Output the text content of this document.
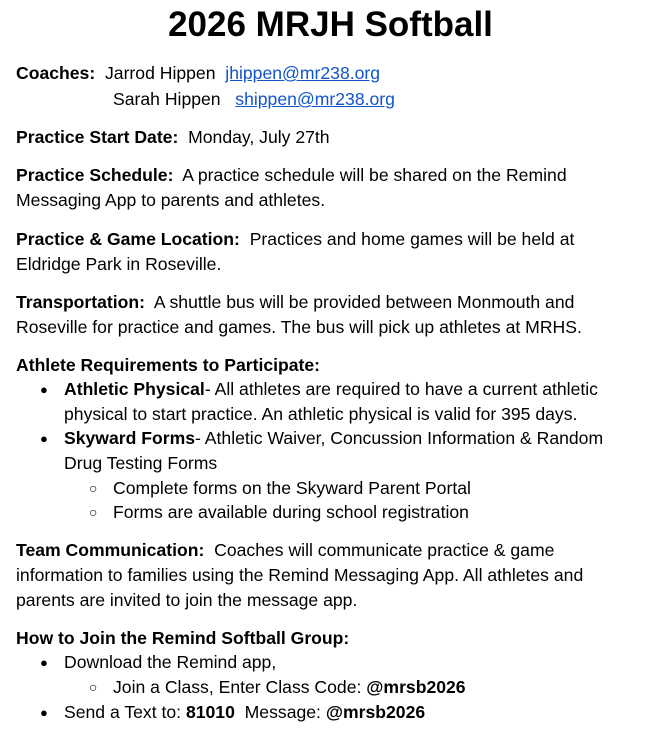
2026 MRJH Softball
Coaches: Jarrod Hippen jhippen@mr238.org
Sarah Hippen shippen@mr238.org
Practice Start Date: Monday, July 27th
Practice Schedule: A practice schedule will be shared on the Remind
Messaging App to parents and athletes.
Practice & Game Location: Practices and home games will be held at
Eldridge Park in Roseville.
Transportation: A shuttle bus will be provided between Monmouth and
Roseville for practice and games. The bus will pick up athletes at MRHS.
Athlete Requirements to Participate:
● Athletic Physical- All athletes are required to have a current athletic
physical to start practice. An athletic physical is valid for 395 days.
● Skyward Forms- Athletic Waiver, Concussion Information & Random
Drug Testing Forms
○ Complete forms on the Skyward Parent Portal
○ Forms are available during school registration
Team Communication: Coaches will communicate practice & game
information to families using the Remind Messaging App. All athletes and
parents are invited to join the message app.
How to Join the Remind Softball Group:
● Download the Remind app,
○ Join a Class, Enter Class Code: @mrsb2026
● Send a Text to: 81010 Message: @mrsb2026
